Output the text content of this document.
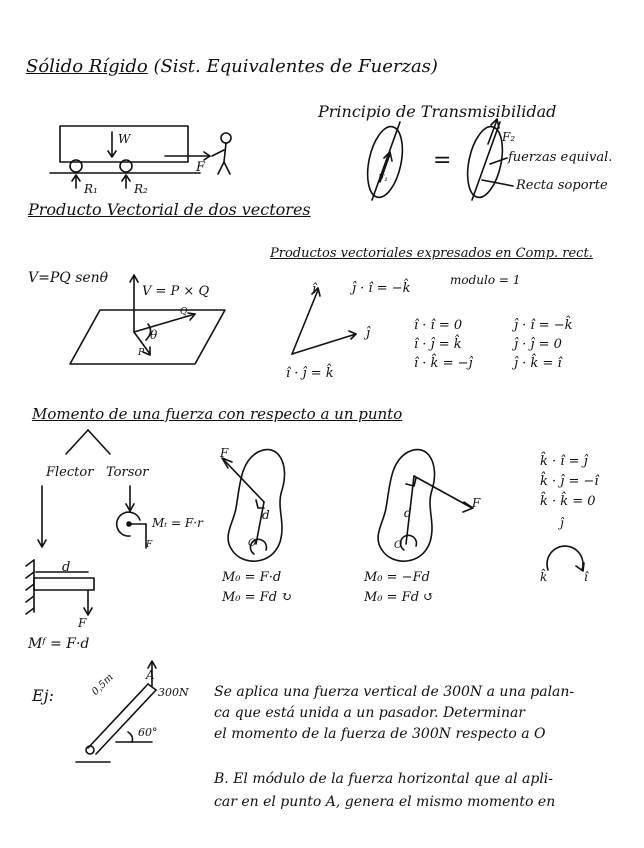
Sólido Rígido (Sist. Equivalentes de Fuerzas)
W
F
R₁	R₂
Principio de Transmisibilidad
F₁
=
F₂
fuerzas equival.
Recta soporte
Producto Vectorial de dos vectores
V=PQ senθ
V = P × Q
θ
Q
P
Productos vectoriales expresados en Comp. rect.
ĵ · î = −k̂
modulo = 1
î
ĵ
î · ĵ = k̂
î · î = 0
î · ĵ = k̂
î · k̂ = −ĵ
ĵ · î = −k̂
ĵ · ĵ = 0
ĵ · k̂ = î
Momento de una fuerza con respecto a un punto
Flector Torsor
d
F
Mᶠ = F·d
Mₜ = F·r
F
F
d
O
M₀ = F·d
M₀ = Fd ↻
F
d
O
M₀ = −Fd
M₀ = Fd ↺
k̂ · î = ĵ
k̂ · ĵ = −î
k̂ · k̂ = 0
ĵ
k̂	î
Ej:
A
300N
0,5m
60°
Se aplica una fuerza vertical de 300N a una palan-
ca que está unida a un pasador. Determinar
el momento de la fuerza de 300N respecto a O
B. El módulo de la fuerza horizontal que al apli-
car en el punto A, genera el mismo momento en
